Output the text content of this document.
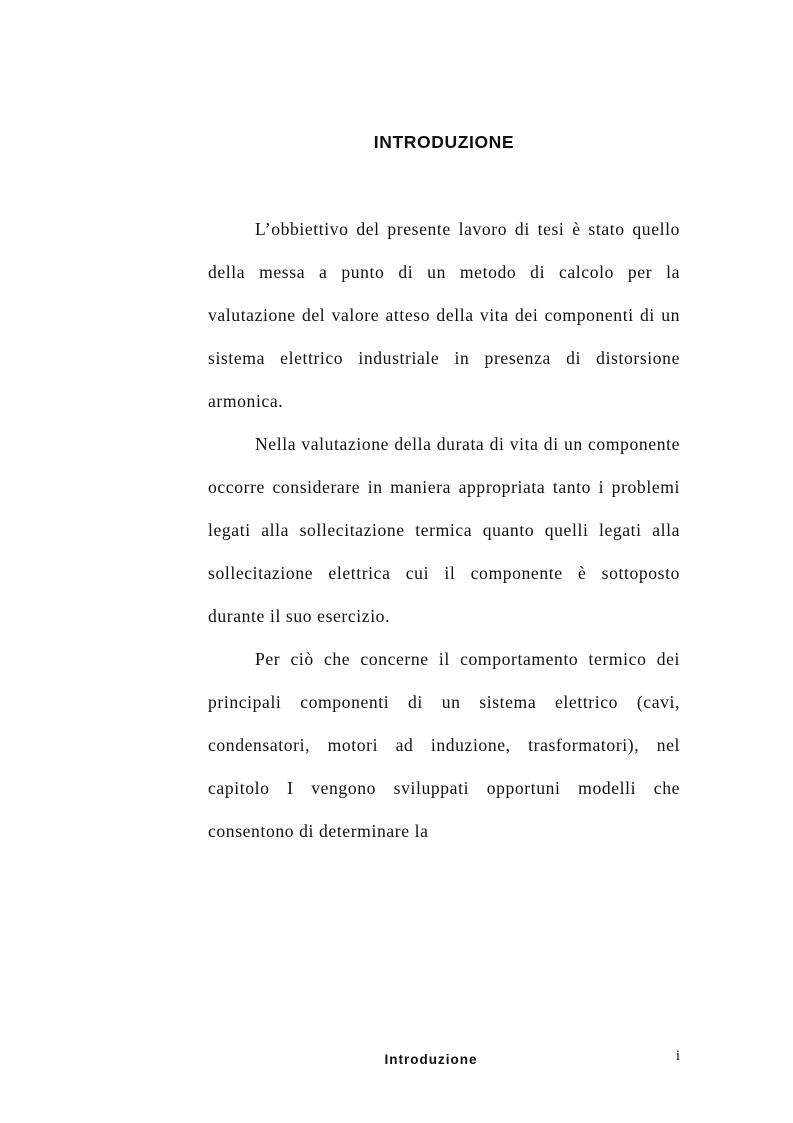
INTRODUZIONE

L’obbiettivo del presente lavoro di tesi è stato quello della messa a punto di un metodo di calcolo per la valutazione del valore atteso della vita dei componenti di un sistema elettrico industriale in presenza di distorsione armonica.

Nella valutazione della durata di vita di un componente occorre considerare in maniera appropriata tanto i problemi legati alla sollecitazione termica quanto quelli legati alla sollecitazione elettrica cui il componente è sottoposto durante il suo esercizio.

Per ciò che concerne il comportamento termico dei principali componenti di un sistema elettrico (cavi, condensatori, motori ad induzione, trasformatori), nel capitolo I vengono sviluppati opportuni modelli che consentono di determinare la

Introduzione	i
